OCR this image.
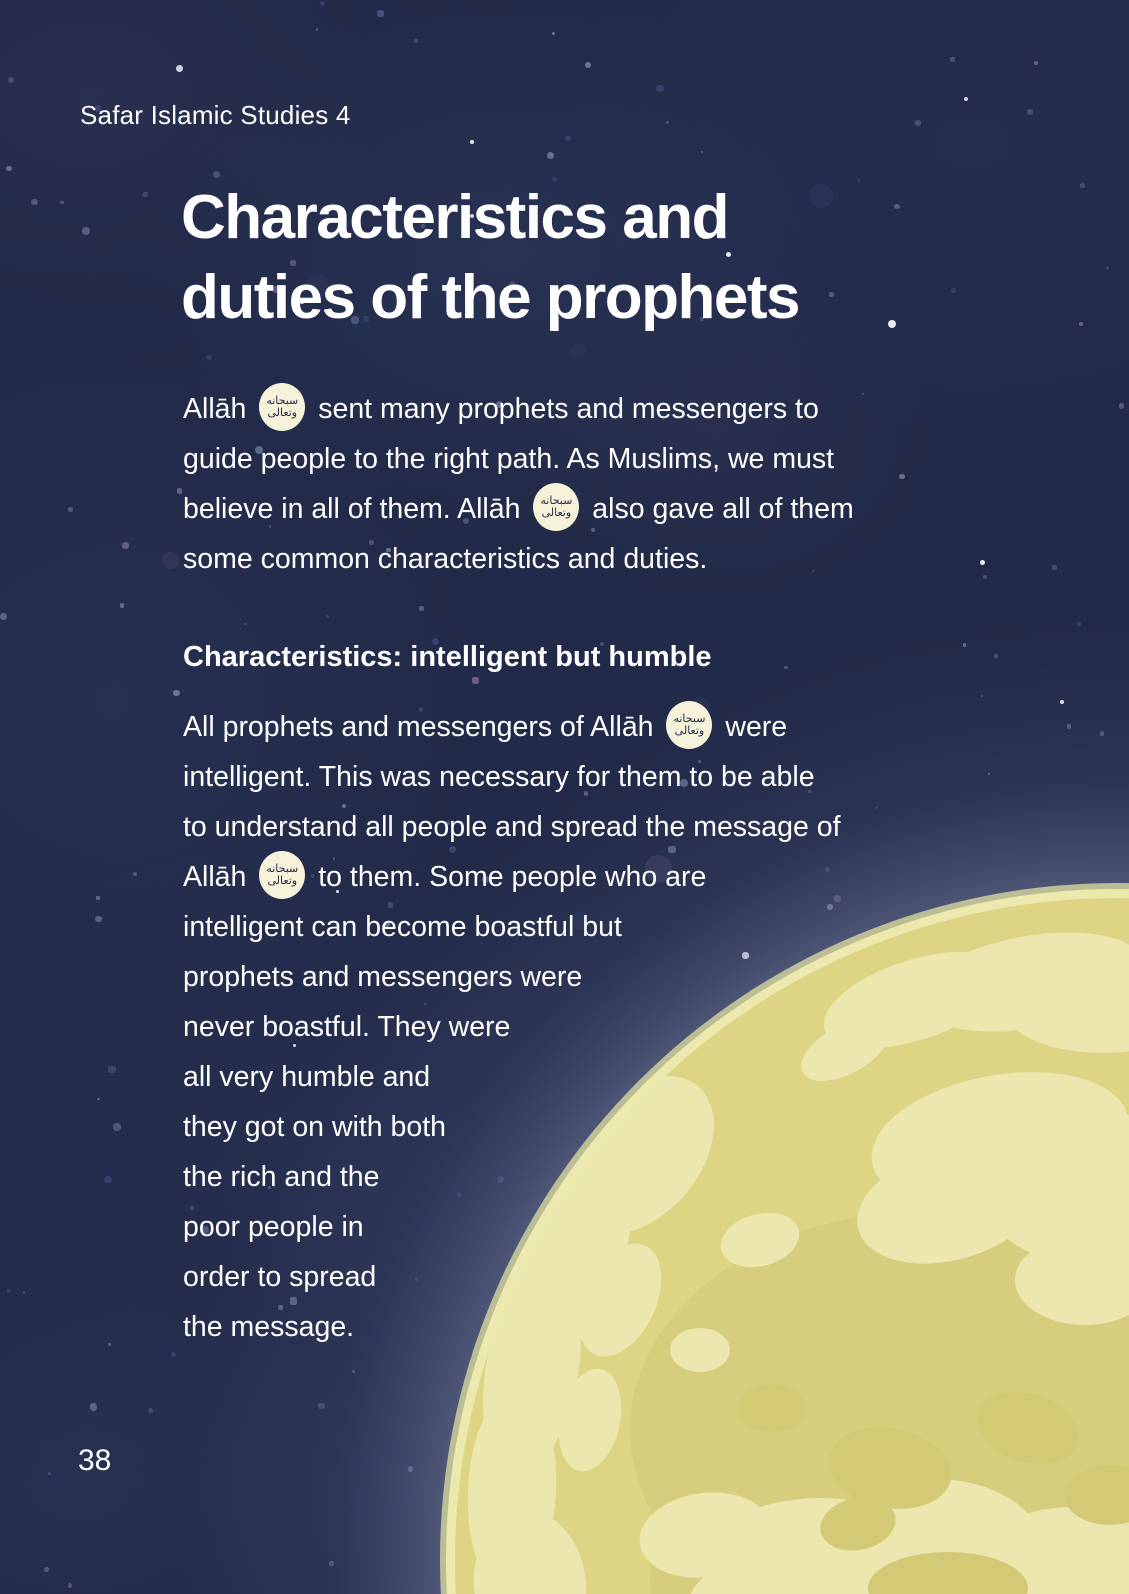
Safar Islamic Studies 4
Characteristics and
duties of the prophets
Allāh سبحانه
وتعالى sent many prophets and messengers to
guide people to the right path. As Muslims, we must
believe in all of them. Allāh سبحانه
وتعالى also gave all of them
some common characteristics and duties.
Characteristics: intelligent but humble
All prophets and messengers of Allāh سبحانه
وتعالى were
intelligent. This was necessary for them to be able
to understand all people and spread the message of
Allāh سبحانه
وتعالى to them. Some people who are
intelligent can become boastful but
prophets and messengers were
never boastful. They were
all very humble and
they got on with both
the rich and the
poor people in
order to spread
the message.
38
